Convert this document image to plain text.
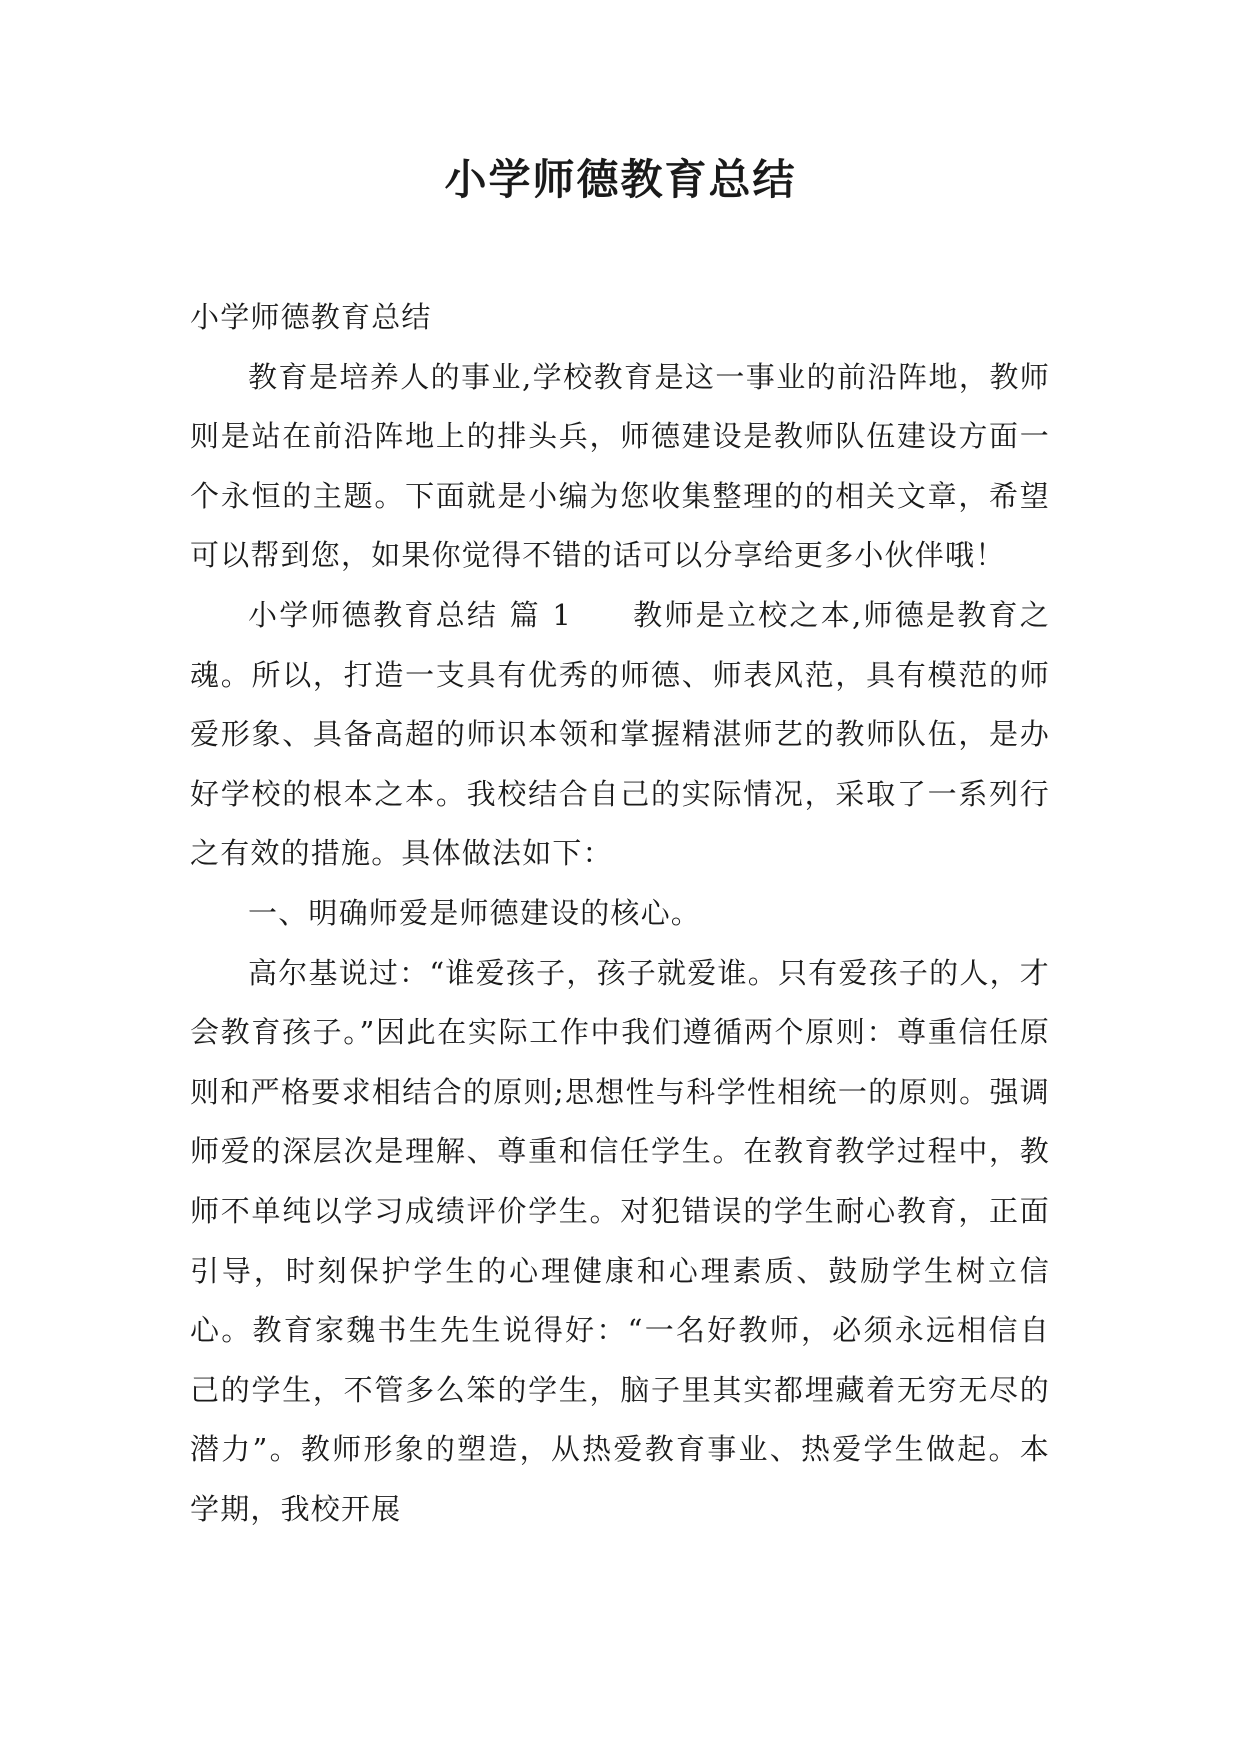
小学师德教育总结

小学师德教育总结

教育是培养人的事业,学校教育是这一事业的前沿阵地，教师则是站在前沿阵地上的排头兵，师德建设是教师队伍建设方面一个永恒的主题。下面就是小编为您收集整理的的相关文章，希望可以帮到您，如果你觉得不错的话可以分享给更多小伙伴哦！

小学师德教育总结 篇 1 教师是立校之本,师德是教育之魂。所以，打造一支具有优秀的师德、师表风范，具有模范的师爱形象、具备高超的师识本领和掌握精湛师艺的教师队伍，是办好学校的根本之本。我校结合自己的实际情况，采取了一系列行之有效的措施。具体做法如下：

一、明确师爱是师德建设的核心。

高尔基说过：“谁爱孩子，孩子就爱谁。只有爱孩子的人，才会教育孩子。”因此在实际工作中我们遵循两个原则：尊重信任原则和严格要求相结合的原则;思想性与科学性相统一的原则。强调师爱的深层次是理解、尊重和信任学生。在教育教学过程中，教师不单纯以学习成绩评价学生。对犯错误的学生耐心教育，正面引导，时刻保护学生的心理健康和心理素质、鼓励学生树立信心。教育家魏书生先生说得好：“一名好教师，必须永远相信自己的学生，不管多么笨的学生，脑子里其实都埋藏着无穷无尽的潜力”。教师形象的塑造，从热爱教育事业、热爱学生做起。本学期，我校开展
